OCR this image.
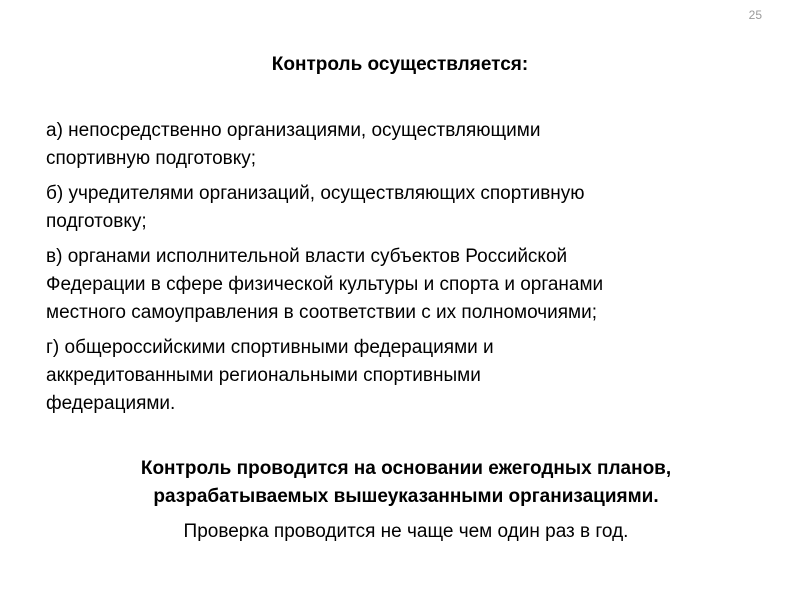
25
Контроль осуществляется:
а) непосредственно организациями, осуществляющими
спортивную подготовку;
б) учредителями организаций, осуществляющих спортивную
подготовку;
в) органами исполнительной власти субъектов Российской
Федерации в сфере физической культуры и спорта и органами
местного самоуправления в соответствии с их полномочиями;
г) общероссийскими спортивными федерациями и
аккредитованными региональными спортивными
федерациями.
Контроль проводится на основании ежегодных планов,
разрабатываемых вышеуказанными организациями.
Проверка проводится не чаще чем один раз в год.
